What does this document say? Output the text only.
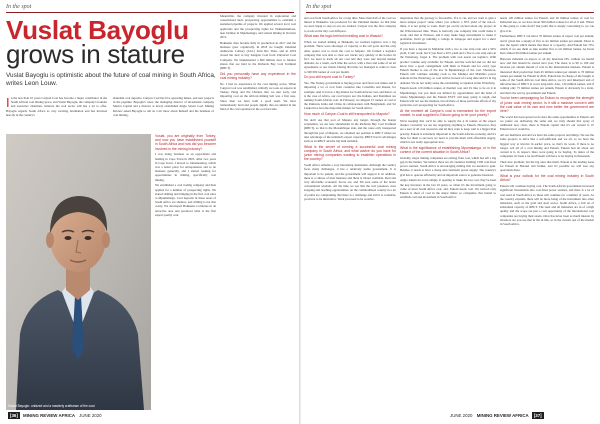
In the spot
Vuslat Bayoglu
grows in stature
Vuslat Bayoglu is optimistic about the future of coal mining in South Africa, writes Leon Louw.

In the less than 10 years Canyon Coal has become a major contributor in the South African coal mining space, and Vuslat Bayoglu, the company's founder and executive chairman, believes the coal sector still has a lot to offer. Bayoglu regards South Africa as very exciting destination and has invested heavily in the country's

abundant coal deposits. Canyon Coal has five operating mines, and new projects in the pipeline. Bayoglu's roles: the managing director of investment company Mariva Capital and a director at newly established Anglo Saxon Coal. Mining Review asked Bayoglu to tell us a bit more about himself and the business of coal mining.

Vuslat Bayoglu: unfazed and a masterly craftsman of the coal

Meanwhile, the company invested in exploration and consolidated more prospecting opportunities to establish a sustained pipeline of projects. We applied several local coal applicants and the prospecting rights for Nekkemenmoes, near Delmas in Mpumalanga, and started mining in October 2015.

Hokkemo then became fully in production in 2017 and the business grew organically. In 2018 we bought Zululand Anthracite Colliery (ZAC) from Rio Tinto, and in 2019 closed the deal to buy Kangala Coal from Universal Coal Company. We implemented a $60 million deal to finance shares that are held in the Richards Bay Coal Terminal (RBCT).

Did you personally have any experience in the coal mining industry?

No. I had no experience in the coal mining sector. When Canyon Coal was established, initially we took on experts in Turkey. Hong and the Ukraine that we met early, and importing coal on the African mining belt was a first step. Since then we have built a good team. We have tremendously hard and people dignity that are skilled in the field of the coal operators in the coal bed side.

Vuslat, you are originally from Turkey, and now you have established yourself in South Africa and how did you become involved in the mining industry?

I was doing business as an opportunist and landing in Cape Town in 2005. After two years in Cape Town, I moved to Johannesburg, which was a better place for entrepreneurs and to do business generally, and I started looking for opportunities in mining, specifically coal mining.

We established a coal trading company and then applied for a number of prospecting rights. We started drilling and bringing in the first coal sales to Mpumalanga. Coal deposits in these areas of South Africa are shallow, and drilling is not that costly. We developed Hokkemo Collieries in an attractive area and produced what is the first export quality coal.

[36] MINING REVIEW AFRICA JUNE 2020
In the spot

and coal from South Africa for a long time. More than half of the coal we mined at Hokkemo was produced for the Zululand market. At that time we used Sappi to step on our ore. Indeed, Canyon was the first company to crack on the tiny coal diffspace.

What was the logic behind investing coal to Wasubi?

When we started mining at Hokkemo we realised logistics was a big problem. There were shortages of capacity at the rail ports and the only other option was to truck the coal to Maputo. We formed a logistics company that was able to clear our trucks very quickly at the border. In fact, we used to truck all our coal and they were just beyond market demand. As a result, each time the sector, with a fleet and some of an all agreements, to our clients. During that time, we managed to come to close to 500 000 tonnes of coal per month.

Do you still export coal to Turkey?

Yes. The Turkey government is buying power and fired coal mines and is importing a lot of coal from countries like Colombia and Russia, for example. And it is now a big market for South African coal, and hence, as is the case of Africa, our coal buyers are: the Indians, and Dominion are running South African coal. In February, we shipped 15 tonnes of coal to the Pakistan, India and China in collaboration with Bangladesh, and Sri Lanka have become important market for South Africa.

How much of Canyon Coal is still transported to Maputo?

We don't use that port of Maputo any longer, through the Kange acquisition, we are now shareholder in the Richards Bay Coal Terminal (RBCT), so that is the Mozambique side, and the route only transported through the port of Maputo, we obtained our position to RBCT where we take advantage of the terminal's export capacity. RBCT has its advantages such as an RBCT and the big bulk terminal.

What is the secret of running a successful coal mining company in South Africa, and what advice do you have for junior mining companies wanting to establish operations in the country?

South Africa remains a very interesting destination. Although the country faces many challenges, it has a relatively stable government. It is important to be patient, and the government will support it. In addition, there is a culture of trust business and there is labour available. Real and very affordable economic forces are, and I'm sure some of the better conventional wisdom. All the time we see that the real pressures were stopping and reaching opportunities. At the commoditised country in a lot of points are complaining that there is a challenge and still it is available, you have to be innovative. Work you need to be creative.

inspiration that the geology is favourable. If it is cut, and we want to gain a more unique project value where you achieve a 50% yield of the run-of-mine, it is not going to work. Don't get overly excited about any project in the Witwaterseed time. There is basically one company that could make it work, and that is Fixtures, and it may make huge investments to make it profitable. Don't go building a college in Limpopo and expect for a short logistical investment.

If you have a deposit in Middelde with a two to one strip ratio and a 90% yield, it will work, but if you have a 20% yield and a five to one strip ratio in the Waterberg, forget it. The problem with coal assets are logistics. With product volume only available for Eskom, and the well-fed and we did not know how a good consignment with them as Eskom and for every type Eskom market is one of the low in Mpumalanga of the coal. Therefore, Eskom will continue sending coals to the Medupi and Matimba power stations in the Waterberg, so coal will be in need of a long time and it's in big demand. We do not really sense the outstanding occupation in the Waterberg.

Eskom needs 120 million tonnes of thermal coal and it's like to be on it in Mpumalanga, but you must not limited by opportunities and the hand of whole Mpumalanga and the Eskom ESTT will keep going it rough, and Eskom will not see the markets, but all there of those particular efforts of my particular own prospecting for South Africa.

At the moment all Canyon's coal is earmarked for the export market. Is coal supplied to Eskom going to be your priority?

We're keeping that we'll be able to supply the 4 m tonnes of the export market. Currently we are not supplying anything to Eskom. However, they are a user of all coal resources and all they want to keep well is a bigger than priority. Eskom is extremely important to the South African economy, and it's there for them to succeed, we need to provide them with affordable supply, which is not really appropriate now.

What is the significance of establishing Mpumalanga, or in the context of the current situation in South Africa?

Globally, major mining companies are exiting from coal, which has left a big gap in the market. We believe there are all countries building 1500 coal-fired power stations. South Africa is encouraging mining that we needed to gain. Besides, it needs to have a cheap and consistent power supply. The country's grid has to operate efficiently and an important source to generate baseload.

Anglo American is not simply at opening to make the last coal, they've been the key investors in the last 10 years, so when it's the investment going to come of most South Africa coal, and, Eskom needs coal. We noticed only Eskom is short of coal in the major mines so companies that intend to establish coal and investment in South Africa.

needs 120 million tonnes for Eskom, and 20 million tonnes of coal for Industrial use, so we have about 500 million tonnes for all of it and. Where is this going to come from? Our point that is deeply concerning is, we can give it in.

Furthermore, RBCT can move 70 million tonnes of export coal per annum, and if given has a supply of five to six million tonnes per annum. There is also the Ayrels which means that there is a capacity. And Eskom has 70% which, if we use them as take another five to six million tonnes. As Israel have almost 60 million tonnes per annum.

Between Zululand on export, to all my interstate ON, without we intend now and that should be started next year. The share is to 90 to 100 and increase per annum should of coal in the international markets. Eskom is interested their production from 45 million tonnes per annum to 70 million tonnes per annum for Eskom in 2022. Eskom has in charge of the bought at some of the South African coal mine Africa, we try and Inkanyezi and of infrastructure of RBCT to cover long-term. Also, 120 million tonnes, and if coming only 75 million tonnes per annum, Eskom is obviously in a strait, and that's the rest by government and Eskom.

You've been campaigning for Eskom to recognise the strength of junior coal mining sector. Is it still a massive concern with the coal value of its own and new better the government are here?

The world has been spread we're here the same opportunities to Eskom. All we prefer are delivering the same and we truly should that spray of additional new close, there is Eskom capital and it's our current is it? Eskom now it would be.

All our members and and we have the same projects and things. We use the same projects to drive like a self-sufficient and we all, so we have the biggest way to involve in earlier price, so that's its work, if there is no longer, sell all of a coal mining and Eskom, Eskom had all about our current is it, in respect, there were going to be buying. To dance of the companies it's been a lot and Eskom will have to be buying in thousands.

Their new problem, but the big ones that harm. Eskom is the leading issue for Eskom in Hotazel and further, and it's possible we will lose any operations there.

What is your outlook for the coal mining industry in South Africa?

Eskom will continue buying coal. The South African government increased significant investments into coal-fired power stations, and there is a lot of coal used in South Africa so these will continue for a number of years. As the country expands, there will be more being of the investment into other industries, such as the gold and steel sector. South Africa, a full on of substantial capacity of RBCT. The steel and all industries are in of a high quality and the scope are just a coal opportunity of the international coal companies are buying their assets. Once has never been as much interest by investors are you see that in the in this, so in the current rest of the market in South Africa.

JUNE 2020 MINING REVIEW AFRICA [37]
